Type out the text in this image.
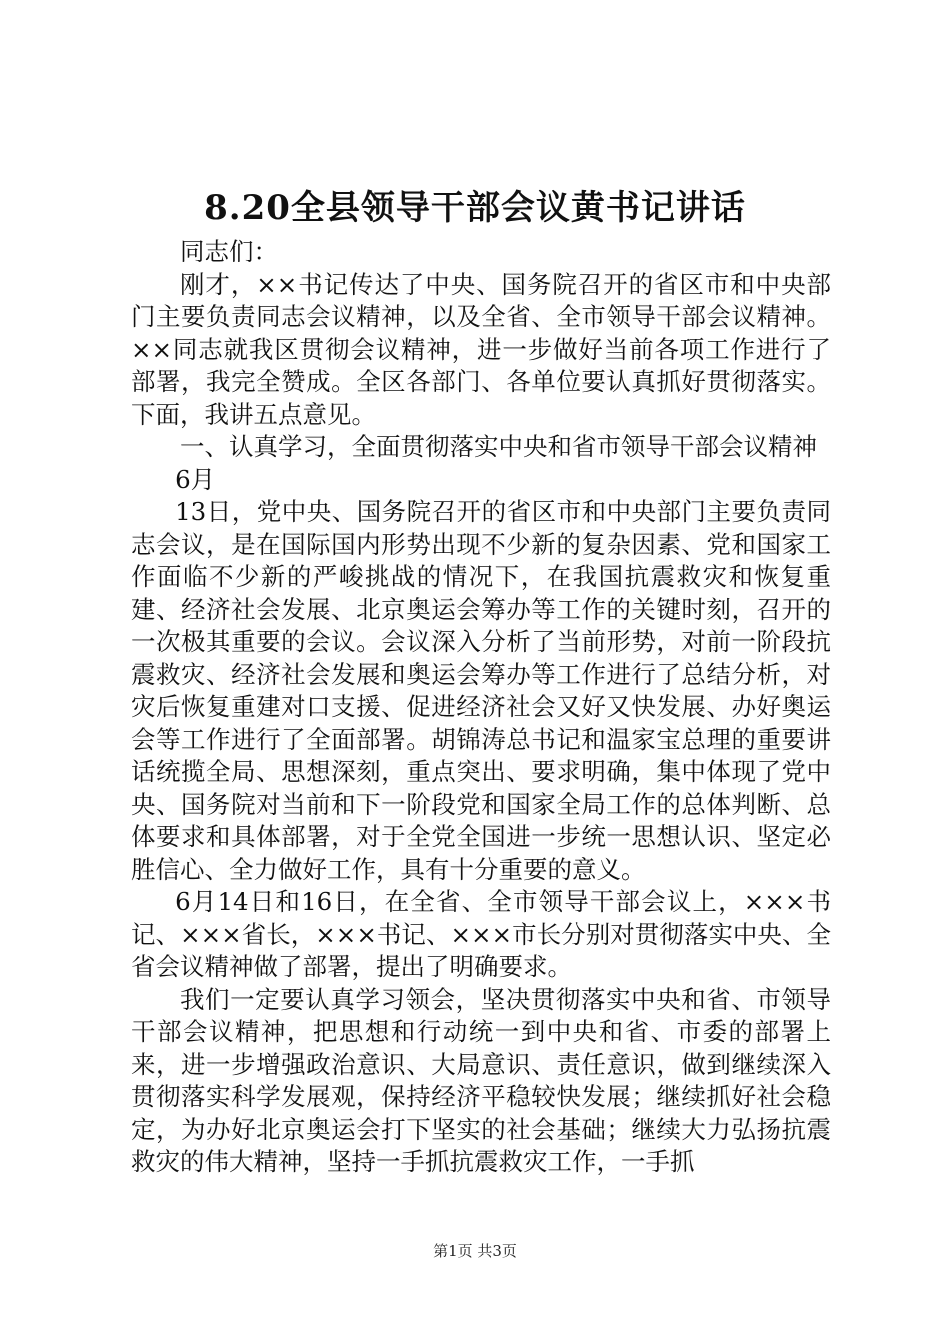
8.20全县领导干部会议黄书记讲话

同志们：

刚才，××书记传达了中央、国务院召开的省区市和中央部门主要负责同志会议精神，以及全省、全市领导干部会议精神。××同志就我区贯彻会议精神，进一步做好当前各项工作进行了部署，我完全赞成。全区各部门、各单位要认真抓好贯彻落实。下面，我讲五点意见。

一、认真学习，全面贯彻落实中央和省市领导干部会议精神

6月

13日，党中央、国务院召开的省区市和中央部门主要负责同志会议，是在国际国内形势出现不少新的复杂因素、党和国家工作面临不少新的严峻挑战的情况下，在我国抗震救灾和恢复重建、经济社会发展、北京奥运会筹办等工作的关键时刻，召开的一次极其重要的会议。会议深入分析了当前形势，对前一阶段抗震救灾、经济社会发展和奥运会筹办等工作进行了总结分析，对灾后恢复重建对口支援、促进经济社会又好又快发展、办好奥运会等工作进行了全面部署。胡锦涛总书记和温家宝总理的重要讲话统揽全局、思想深刻，重点突出、要求明确，集中体现了党中央、国务院对当前和下一阶段党和国家全局工作的总体判断、总体要求和具体部署，对于全党全国进一步统一思想认识、坚定必胜信心、全力做好工作，具有十分重要的意义。

6月14日和16日，在全省、全市领导干部会议上，×××书记、×××省长，×××书记、×××市长分别对贯彻落实中央、全省会议精神做了部署，提出了明确要求。

我们一定要认真学习领会，坚决贯彻落实中央和省、市领导干部会议精神，把思想和行动统一到中央和省、市委的部署上来，进一步增强政治意识、大局意识、责任意识，做到继续深入贯彻落实科学发展观，保持经济平稳较快发展；继续抓好社会稳定，为办好北京奥运会打下坚实的社会基础；继续大力弘扬抗震救灾的伟大精神，坚持一手抓抗震救灾工作，一手抓

第1页 共3页
